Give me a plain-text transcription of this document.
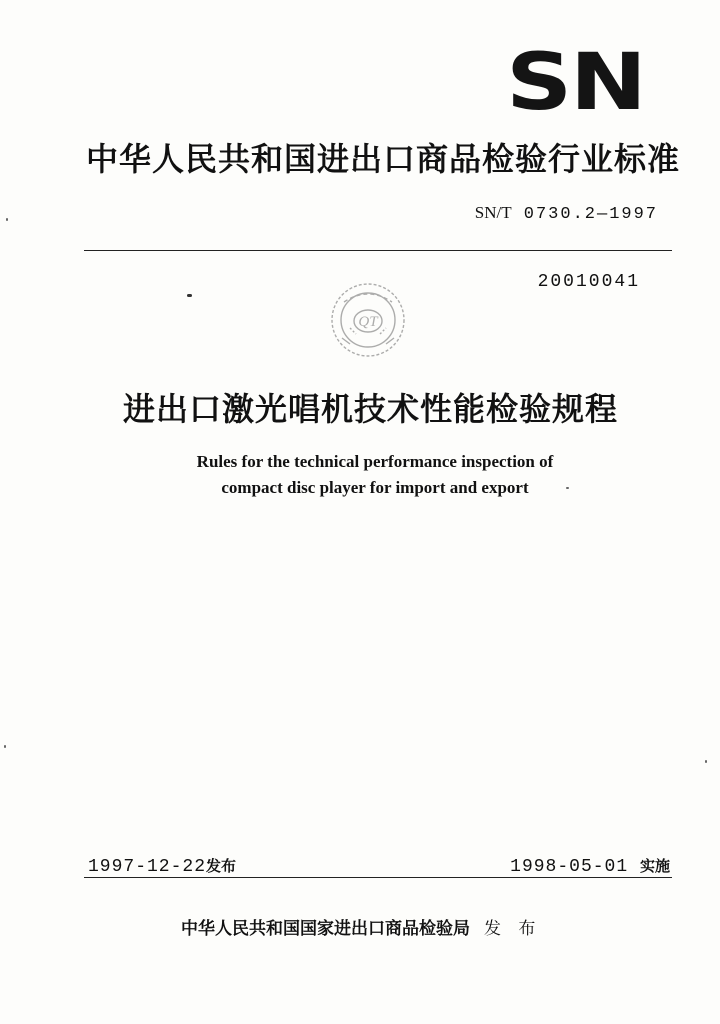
SN
中华人民共和国进出口商品检验行业标准
SN/T 0730.2—1997
20010041
QT
进出口激光唱机技术性能检验规程
Rules for the technical performance inspection of
compact disc player for import and export
1997-12-22发布	1998-05-01 实施
中华人民共和国国家进出口商品检验局 发 布
